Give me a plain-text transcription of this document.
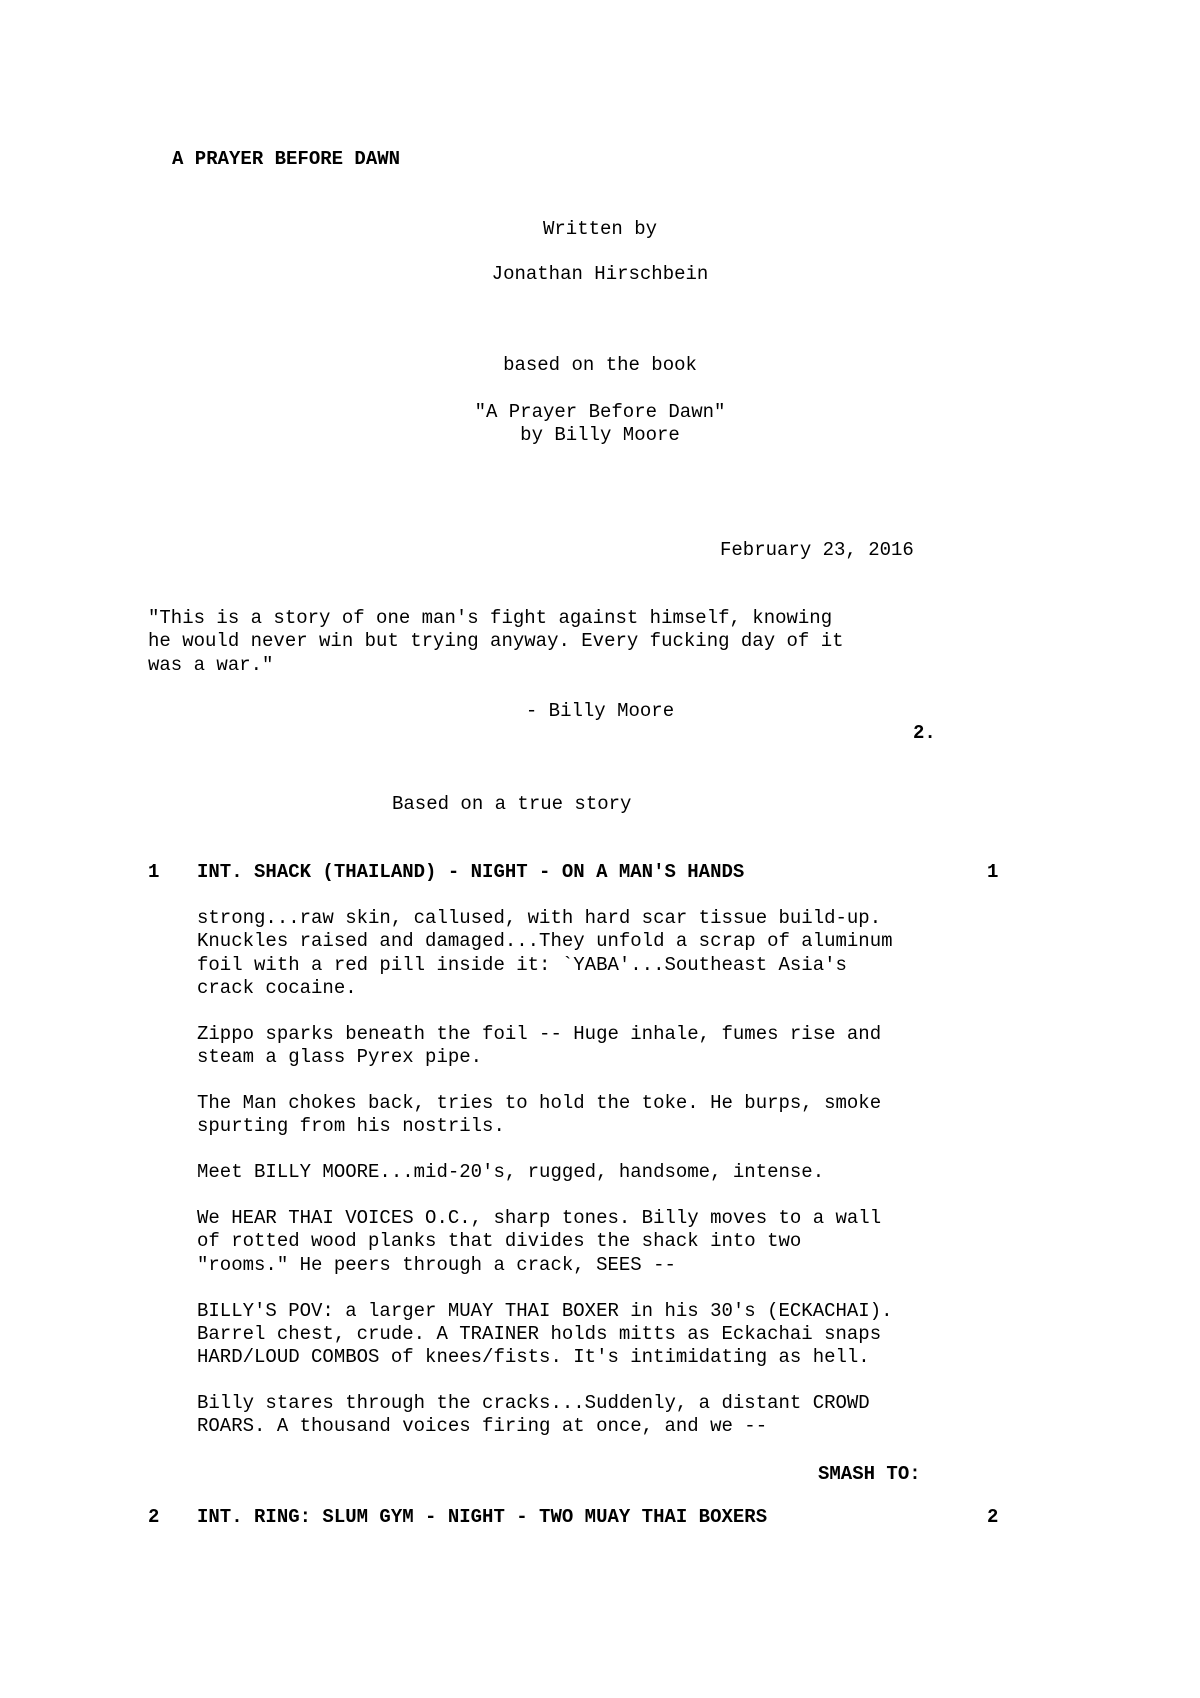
A PRAYER BEFORE DAWN
Written by
Jonathan Hirschbein
based on the book
"A Prayer Before Dawn"
by Billy Moore
February 23, 2016
"This is a story of one man's fight against himself, knowing
he would never win but trying anyway. Every fucking day of it
was a war."
- Billy Moore
2.
Based on a true story
1 INT. SHACK (THAILAND) - NIGHT - ON A MAN'S HANDS	1
strong...raw skin, callused, with hard scar tissue build-up.
Knuckles raised and damaged...They unfold a scrap of aluminum
foil with a red pill inside it: `YABA'...Southeast Asia's
crack cocaine.
Zippo sparks beneath the foil -- Huge inhale, fumes rise and
steam a glass Pyrex pipe.
The Man chokes back, tries to hold the toke. He burps, smoke
spurting from his nostrils.
Meet BILLY MOORE...mid-20's, rugged, handsome, intense.
We HEAR THAI VOICES O.C., sharp tones. Billy moves to a wall
of rotted wood planks that divides the shack into two
"rooms." He peers through a crack, SEES --
BILLY'S POV: a larger MUAY THAI BOXER in his 30's (ECKACHAI).
Barrel chest, crude. A TRAINER holds mitts as Eckachai snaps
HARD/LOUD COMBOS of knees/fists. It's intimidating as hell.
Billy stares through the cracks...Suddenly, a distant CROWD
ROARS. A thousand voices firing at once, and we --
SMASH TO:
2 INT. RING: SLUM GYM - NIGHT - TWO MUAY THAI BOXERS	2
